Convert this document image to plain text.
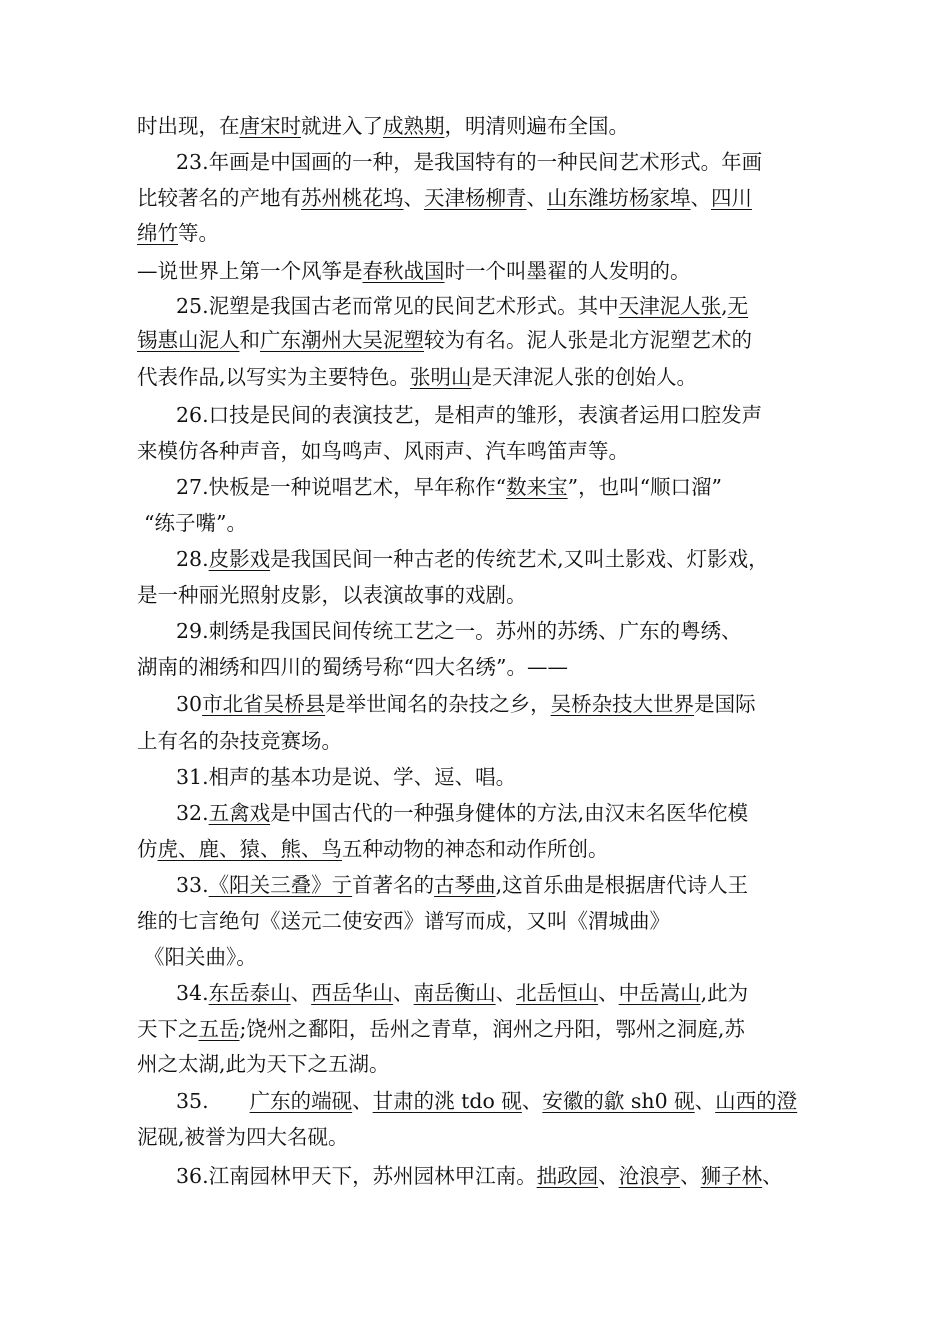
时出现，在唐宋时就进入了成熟期，明清则遍布全国。
23.年画是中国画的一种，是我国特有的一种民间艺术形式。年画
比较著名的产地有苏州桃花坞、天津杨柳青、山东潍坊杨家埠、四川
绵竹等。
—说世界上第一个风筝是春秋战国时一个叫墨翟的人发明的。
25.泥塑是我国古老而常见的民间艺术形式。其中天津泥人张,无
锡惠山泥人和广东潮州大吴泥塑较为有名。泥人张是北方泥塑艺术的
代表作品,以写实为主要特色。张明山是天津泥人张的创始人。
26.口技是民间的表演技艺，是相声的雏形，表演者运用口腔发声
来模仿各种声音，如鸟鸣声、风雨声、汽车鸣笛声等。
27.快板是一种说唱艺术，早年称作“数来宝”，也叫“顺口溜”
“练子嘴”。
28.皮影戏是我国民间一种古老的传统艺术,又叫土影戏、灯影戏，
是一种丽光照射皮影，以表演故事的戏剧。
29.刺绣是我国民间传统工艺之一。苏州的苏绣、广东的粤绣、
湖南的湘绣和四川的蜀绣号称“四大名绣”。——
30市北省吴桥县是举世闻名的杂技之乡，吴桥杂技大世界是国际
上有名的杂技竞赛场。
31.相声的基本功是说、学、逗、唱。
32.五禽戏是中国古代的一种强身健体的方法,由汉末名医华佗模
仿虎、鹿、猿、熊、鸟五种动物的神态和动作所创。
33.《阳关三叠》亍首著名的古琴曲,这首乐曲是根据唐代诗人王
维的七言绝句《送元二使安西》谱写而成，又叫《渭城曲》
《阳关曲》。
34.东岳泰山、西岳华山、南岳衡山、北岳恒山、中岳嵩山,此为
天下之五岳;饶州之鄱阳，岳州之青草，润州之丹阳，鄂州之洞庭,苏
州之太湖,此为天下之五湖。
35.　　广东的端砚、甘肃的洮 tdo 砚、安徽的歙 sh0 砚、山西的澄
泥砚,被誉为四大名砚。
36.江南园林甲天下，苏州园林甲江南。拙政园、沧浪亭、狮子林、
